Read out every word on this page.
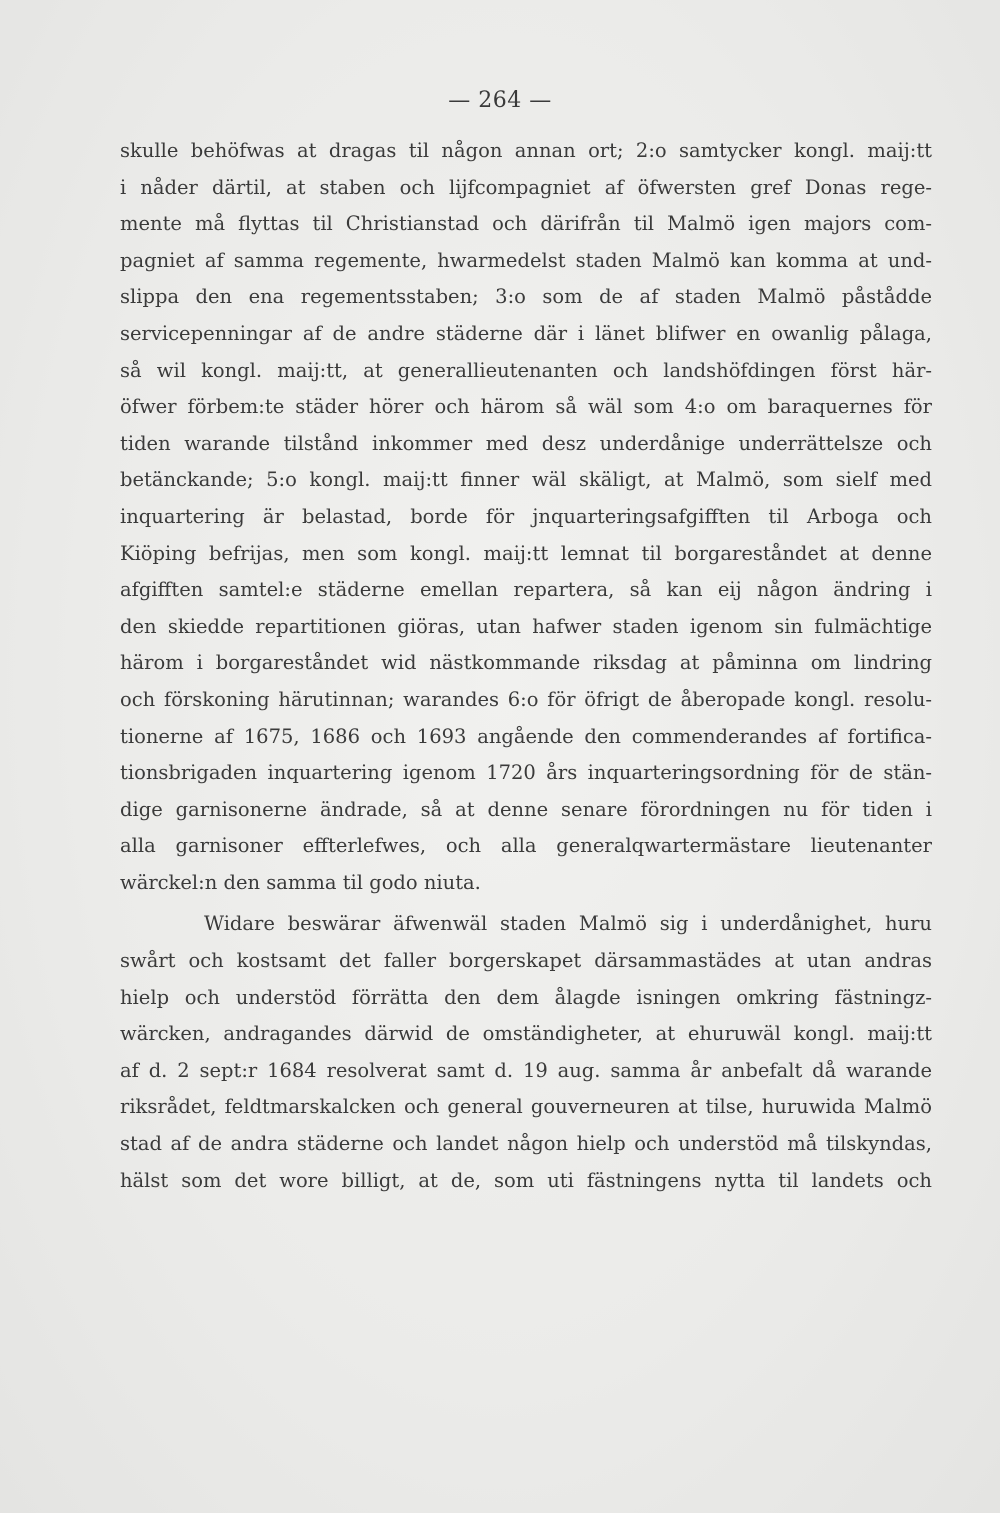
— 264 —
skulle behöfwas at dragas til någon annan ort; 2:o samtycker kongl. maij:tt
i nåder därtil, at staben och lijfcompagniet af öfwersten gref Donas rege-
mente må flyttas til Christianstad och därifrån til Malmö igen majors com-
pagniet af samma regemente, hwarmedelst staden Malmö kan komma at und-
slippa den ena regementsstaben; 3:o som de af staden Malmö påstådde
servicepenningar af de andre städerne där i länet blifwer en owanlig pålaga,
så wil kongl. maij:tt, at generallieutenanten och landshöfdingen först här-
öfwer förbem:te städer hörer och härom så wäl som 4:o om baraquernes för
tiden warande tilstånd inkommer med desz underdånige underrättelsze och
betänckande; 5:o kongl. maij:tt finner wäl skäligt, at Malmö, som sielf med
inquartering är belastad, borde för jnquarteringsafgifften til Arboga och
Kiöping befrijas, men som kongl. maij:tt lemnat til borgareståndet at denne
afgifften samtel:e städerne emellan repartera, så kan eij någon ändring i
den skiedde repartitionen giöras, utan hafwer staden igenom sin fulmächtige
härom i borgareståndet wid nästkommande riksdag at påminna om lindring
och förskoning härutinnan; warandes 6:o för öfrigt de åberopade kongl. resolu-
tionerne af 1675, 1686 och 1693 angående den commenderandes af fortifica-
tionsbrigaden inquartering igenom 1720 års inquarteringsordning för de stän-
dige garnisonerne ändrade, så at denne senare förordningen nu för tiden i
alla garnisoner effterlefwes, och alla generalqwartermästare lieutenanter
wärckel:n den samma til godo niuta.
Widare beswärar äfwenwäl staden Malmö sig i underdånighet, huru
swårt och kostsamt det faller borgerskapet därsammastädes at utan andras
hielp och understöd förrätta den dem ålagde isningen omkring fästningz-
wärcken, andragandes därwid de omständigheter, at ehuruwäl kongl. maij:tt
af d. 2 sept:r 1684 resolverat samt d. 19 aug. samma år anbefalt då warande
riksrådet, feldtmarskalcken och general gouverneuren at tilse, huruwida Malmö
stad af de andra städerne och landet någon hielp och understöd må tilskyndas,
hälst som det wore billigt, at de, som uti fästningens nytta til landets och
